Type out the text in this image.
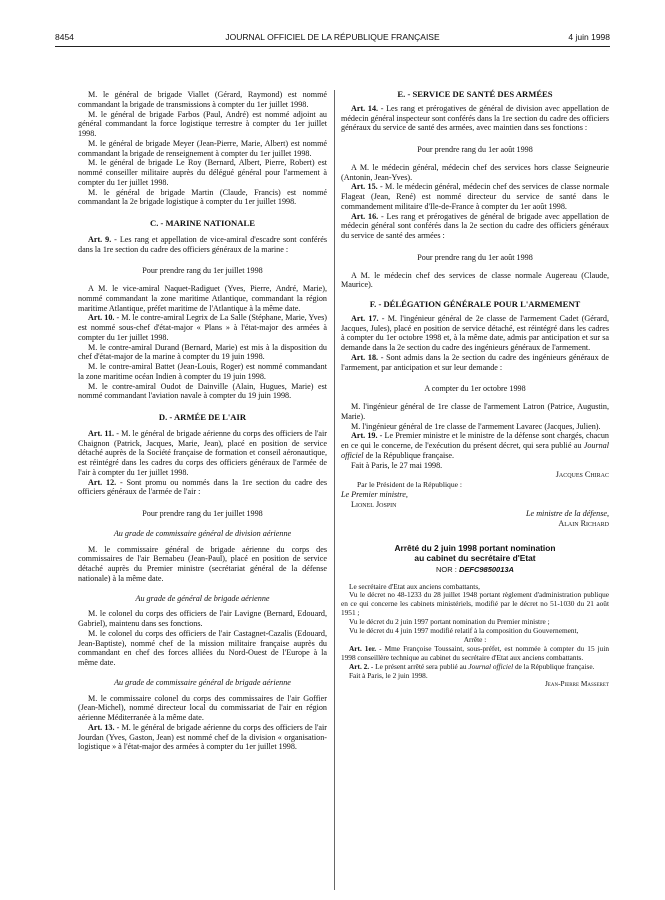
8454	JOURNAL OFFICIEL DE LA RÉPUBLIQUE FRANÇAISE	4 juin 1998

M. le général de brigade Viallet (Gérard, Raymond) est nommé commandant la brigade de transmissions à compter du 1er juillet 1998.

M. le général de brigade Farbos (Paul, André) est nommé adjoint au général commandant la force logistique terrestre à compter du 1er juillet 1998.

M. le général de brigade Meyer (Jean-Pierre, Marie, Albert) est nommé commandant la brigade de renseignement à compter du 1er juillet 1998.

M. le général de brigade Le Roy (Bernard, Albert, Pierre, Robert) est nommé conseiller militaire auprès du délégué général pour l'armement à compter du 1er juillet 1998.

M. le général de brigade Martin (Claude, Francis) est nommé commandant la 2e brigade logistique à compter du 1er juillet 1998.

C. - MARINE NATIONALE

Art. 9. - Les rang et appellation de vice-amiral d'escadre sont conférés dans la 1re section du cadre des officiers généraux de la marine :

Pour prendre rang du 1er juillet 1998

A M. le vice-amiral Naquet-Radiguet (Yves, Pierre, André, Marie), nommé commandant la zone maritime Atlantique, commandant la région maritime Atlantique, préfet maritime de l'Atlantique à la même date.

Art. 10. - M. le contre-amiral Legrix de La Salle (Stéphane, Marie, Yves) est nommé sous-chef d'état-major « Plans » à l'état-major des armées à compter du 1er juillet 1998.

M. le contre-amiral Durand (Bernard, Marie) est mis à la disposition du chef d'état-major de la marine à compter du 19 juin 1998.

M. le contre-amiral Battet (Jean-Louis, Roger) est nommé commandant la zone maritime océan Indien à compter du 19 juin 1998.

M. le contre-amiral Oudot de Dainville (Alain, Hugues, Marie) est nommé commandant l'aviation navale à compter du 19 juin 1998.

D. - ARMÉE DE L'AIR

Art. 11. - M. le général de brigade aérienne du corps des officiers de l'air Chaignon (Patrick, Jacques, Marie, Jean), placé en position de service détaché auprès de la Société française de formation et conseil aéronautique, est réintégré dans les cadres du corps des officiers généraux de l'armée de l'air à compter du 1er juillet 1998.

Art. 12. - Sont promu ou nommés dans la 1re section du cadre des officiers généraux de l'armée de l'air :

Pour prendre rang du 1er juillet 1998

Au grade de commissaire général de division aérienne

M. le commissaire général de brigade aérienne du corps des commissaires de l'air Bernabeu (Jean-Paul), placé en position de service détaché auprès du Premier ministre (secrétariat général de la défense nationale) à la même date.

Au grade de général de brigade aérienne

M. le colonel du corps des officiers de l'air Lavigne (Bernard, Edouard, Gabriel), maintenu dans ses fonctions.

M. le colonel du corps des officiers de l'air Castagnet-Cazalis (Edouard, Jean-Baptiste), nommé chef de la mission militaire française auprès du commandant en chef des forces alliées du Nord-Ouest de l'Europe à la même date.

Au grade de commissaire général de brigade aérienne

M. le commissaire colonel du corps des commissaires de l'air Goffier (Jean-Michel), nommé directeur local du commissariat de l'air en région aérienne Méditerranée à la même date.

Art. 13. - M. le général de brigade aérienne du corps des officiers de l'air Jourdan (Yves, Gaston, Jean) est nommé chef de la division « organisation-logistique » à l'état-major des armées à compter du 1er juillet 1998.

E. - SERVICE DE SANTÉ DES ARMÉES

Art. 14. - Les rang et prérogatives de général de division avec appellation de médecin général inspecteur sont conférés dans la 1re section du cadre des officiers généraux du service de santé des armées, avec maintien dans ses fonctions :

Pour prendre rang du 1er août 1998

A M. le médecin général, médecin chef des services hors classe Seigneurie (Antonin, Jean-Yves).

Art. 15. - M. le médecin général, médecin chef des services de classe normale Flageat (Jean, René) est nommé directeur du service de santé dans le commandement militaire d'Ile-de-France à compter du 1er août 1998.

Art. 16. - Les rang et prérogatives de général de brigade avec appellation de médecin général sont conférés dans la 2e section du cadre des officiers généraux du service de santé des armées :

Pour prendre rang du 1er août 1998

A M. le médecin chef des services de classe normale Augereau (Claude, Maurice).

F. - DÉLÉGATION GÉNÉRALE POUR L'ARMEMENT

Art. 17. - M. l'ingénieur général de 2e classe de l'armement Cadet (Gérard, Jacques, Jules), placé en position de service détaché, est réintégré dans les cadres à compter du 1er octobre 1998 et, à la même date, admis par anticipation et sur sa demande dans la 2e section du cadre des ingénieurs généraux de l'armement.

Art. 18. - Sont admis dans la 2e section du cadre des ingénieurs généraux de l'armement, par anticipation et sur leur demande :

A compter du 1er octobre 1998

M. l'ingénieur général de 1re classe de l'armement Latron (Patrice, Augustin, Marie).

M. l'ingénieur général de 1re classe de l'armement Lavarec (Jacques, Julien).

Art. 19. - Le Premier ministre et le ministre de la défense sont chargés, chacun en ce qui le concerne, de l'exécution du présent décret, qui sera publié au Journal officiel de la République française.

Fait à Paris, le 27 mai 1998.

Jacques Chirac

Par le Président de la République :

Le Premier ministre,

Lionel Jospin

Le ministre de la défense,

Alain Richard

Arrêté du 2 juin 1998 portant nomination
au cabinet du secrétaire d'Etat
NOR : DEFC9850013A

Le secrétaire d'Etat aux anciens combattants,

Vu le décret no 48-1233 du 28 juillet 1948 portant règlement d'administration publique en ce qui concerne les cabinets ministériels, modifié par le décret no 51-1030 du 21 août 1951 ;

Vu le décret du 2 juin 1997 portant nomination du Premier ministre ;

Vu le décret du 4 juin 1997 modifié relatif à la composition du Gouvernement,

Arrête :

Art. 1er. - Mme Françoise Toussaint, sous-préfet, est nommée à compter du 15 juin 1998 conseillère technique au cabinet du secrétaire d'Etat aux anciens combattants.

Art. 2. - Le présent arrêté sera publié au Journal officiel de la République française.

Fait à Paris, le 2 juin 1998.

Jean-Pierre Masseret
